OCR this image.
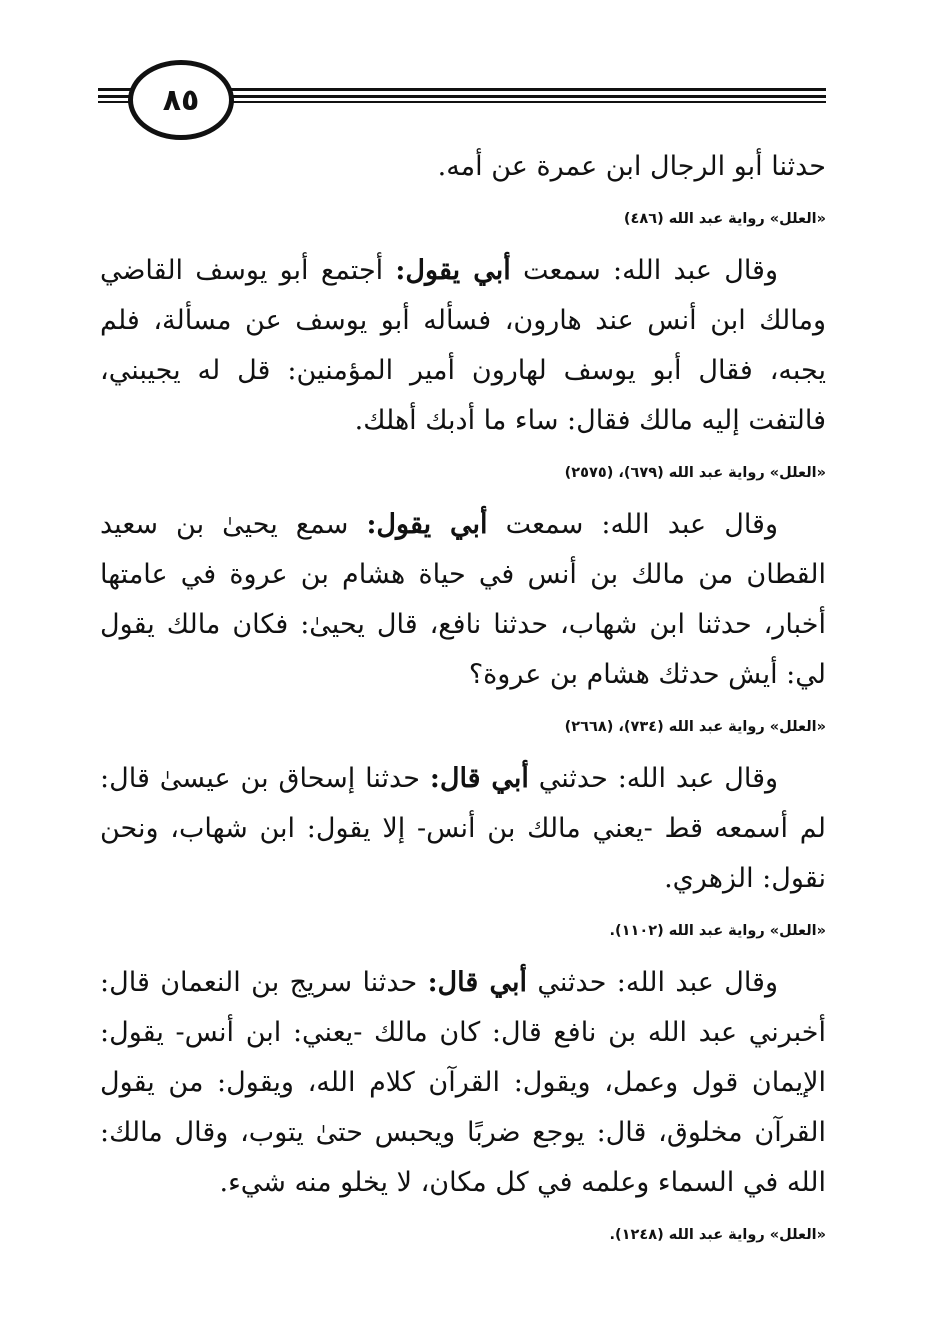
٨٥

حدثنا أبو الرجال ابن عمرة عن أمه.

«العلل» رواية عبد الله (٤٨٦)

وقال عبد الله: سمعت أبي يقول: أجتمع أبو يوسف القاضي ومالك ابن أنس عند هارون، فسأله أبو يوسف عن مسألة، فلم يجبه، فقال أبو يوسف لهارون أمير المؤمنين: قل له يجيبني، فالتفت إليه مالك فقال: ساء ما أدبك أهلك.

«العلل» رواية عبد الله (٦٧٩)، (٢٥٧٥)

وقال عبد الله: سمعت أبي يقول: سمع يحيىٰ بن سعيد القطان من مالك بن أنس في حياة هشام بن عروة في عامتها أخبار، حدثنا ابن شهاب، حدثنا نافع، قال يحيىٰ: فكان مالك يقول لي: أيش حدثك هشام بن عروة؟

«العلل» رواية عبد الله (٧٣٤)، (٢٦٦٨)

وقال عبد الله: حدثني أبي قال: حدثنا إسحاق بن عيسىٰ قال: لم أسمعه قط -يعني مالك بن أنس- إلا يقول: ابن شهاب، ونحن نقول: الزهري.

«العلل» رواية عبد الله (١١٠٢).

وقال عبد الله: حدثني أبي قال: حدثنا سريج بن النعمان قال: أخبرني عبد الله بن نافع قال: كان مالك -يعني: ابن أنس- يقول: الإيمان قول وعمل، ويقول: القرآن كلام الله، ويقول: من يقول القرآن مخلوق، قال: يوجع ضربًا ويحبس حتىٰ يتوب، وقال مالك: الله في السماء وعلمه في كل مكان، لا يخلو منه شيء.

«العلل» رواية عبد الله (١٢٤٨).
